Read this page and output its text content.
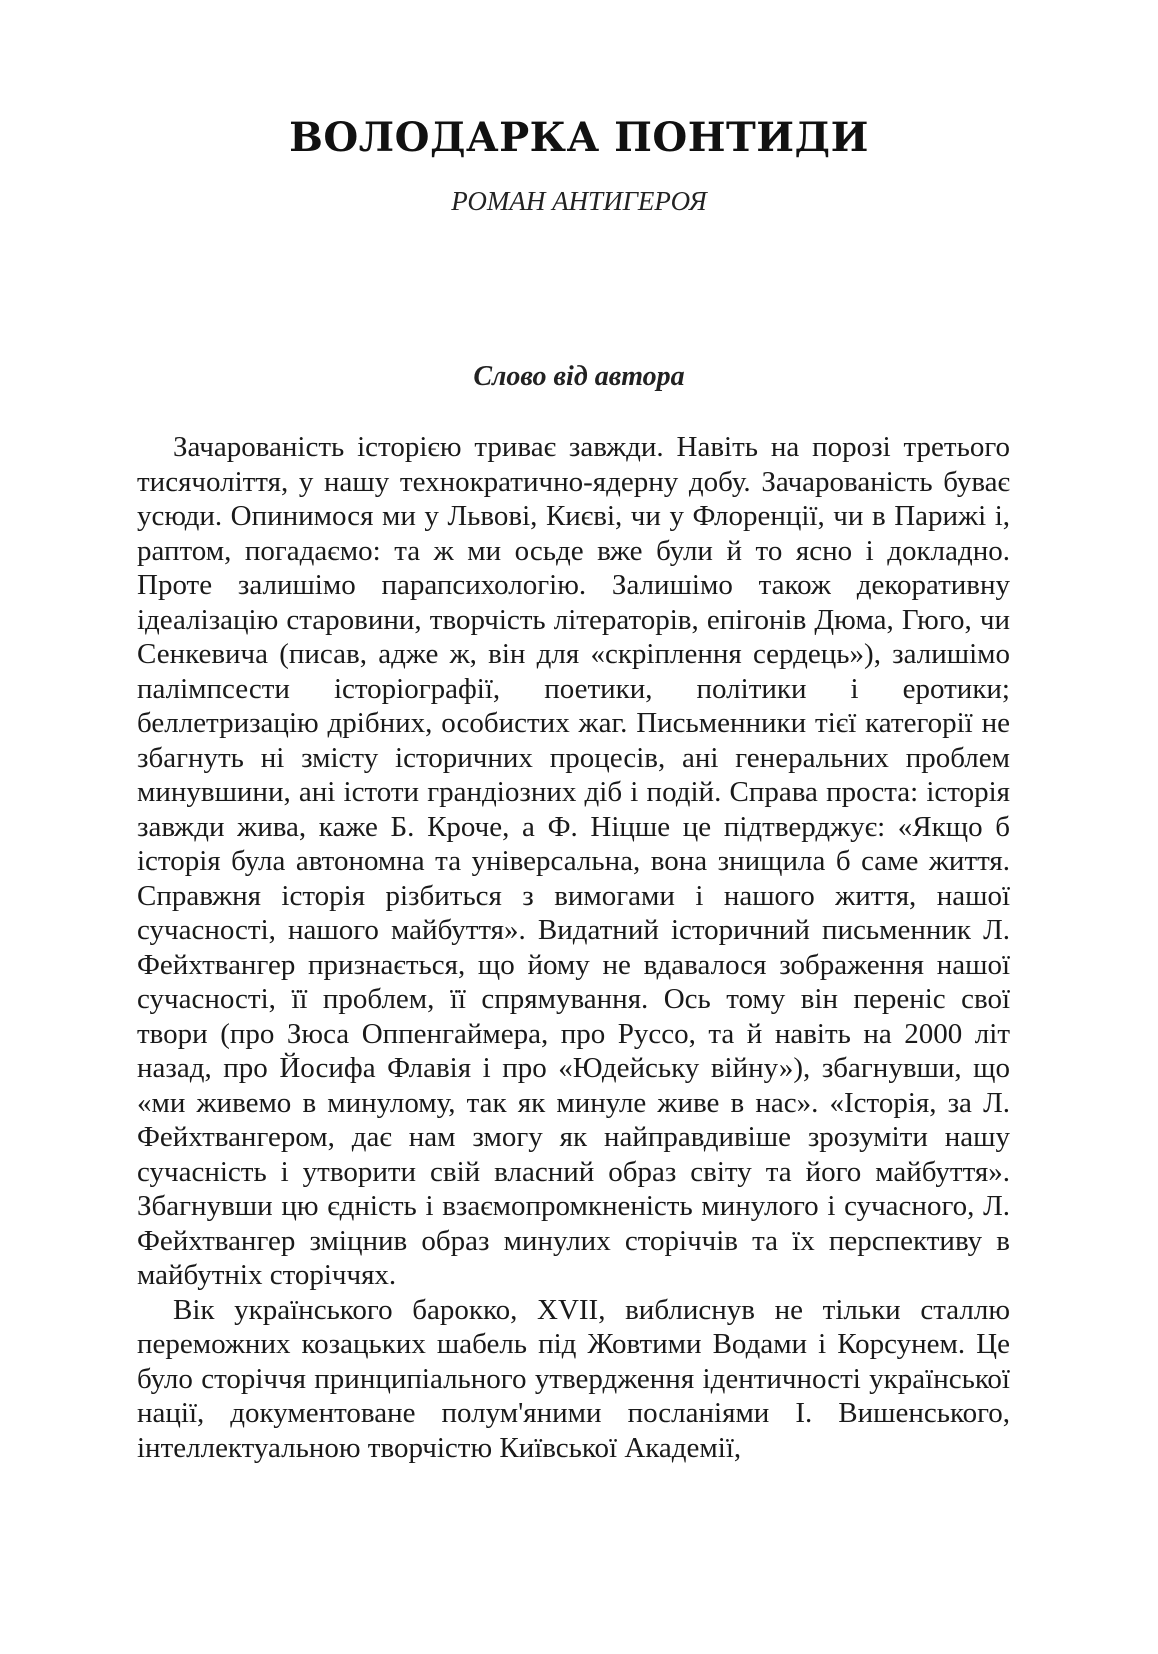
ВОЛОДАРКА ПОНТИДИ
РОМАН АНТИГЕРОЯ
Слово від автора

Зачарованість історією триває завжди. Навіть на порозі третього тисячоліття, у нашу технократично-ядерну добу. Зачарованість буває усюди. Опинимося ми у Львові, Києві, чи у Флоренції, чи в Парижі і, раптом, погадаємо: та ж ми осьде вже були й то ясно і докладно. Проте залишімо парапсихологію. Залишімо також декоративну ідеалізацію старовини, творчість літераторів, епігонів Дюма, Гюго, чи Сенкевича (писав, адже ж, він для «скріплення сердець»), залишімо палімпсести історіографії, поетики, політики і еротики; беллетризацію дрібних, особистих жаг. Письменники тієї категорії не збагнуть ні змісту історичних процесів, ані генеральних проблем минувшини, ані істоти грандіозних діб і подій. Справа проста: історія завжди жива, каже Б. Кроче, а Ф. Ніцше це підтверджує: «Якщо б історія була автономна та універсальна, вона знищила б саме життя. Справжня історія різбиться з вимогами і нашого життя, нашої сучасності, нашого майбуття». Видатний історичний письменник Л. Фейхтвангер признається, що йому не вдавалося зображення нашої сучасності, її проблем, її спрямування. Ось тому він переніс свої твори (про Зюса Оппенгаймера, про Руссо, та й навіть на 2000 літ назад, про Йосифа Флавія і про «Юдейську війну»), збагнувши, що «ми живемо в минулому, так як минуле живе в нас». «Історія, за Л. Фейхтвангером, дає нам змогу як найправдивіше зрозуміти нашу сучасність і утворити свій власний образ світу та його майбуття». Збагнувши цю єдність і взаємопромкненість минулого і сучасного, Л. Фейхтвангер зміцнив образ минулих сторіччів та їх перспективу в майбутніх сторіччях.

Вік українського барокко, XVII, виблиснув не тільки сталлю переможних козацьких шабель під Жовтими Водами і Корсунем. Це було сторіччя принципіального утвердження ідентичності української нації, документоване полум'яними посланіями І. Вишенського, інтеллектуальною творчістю Київської Академії,
